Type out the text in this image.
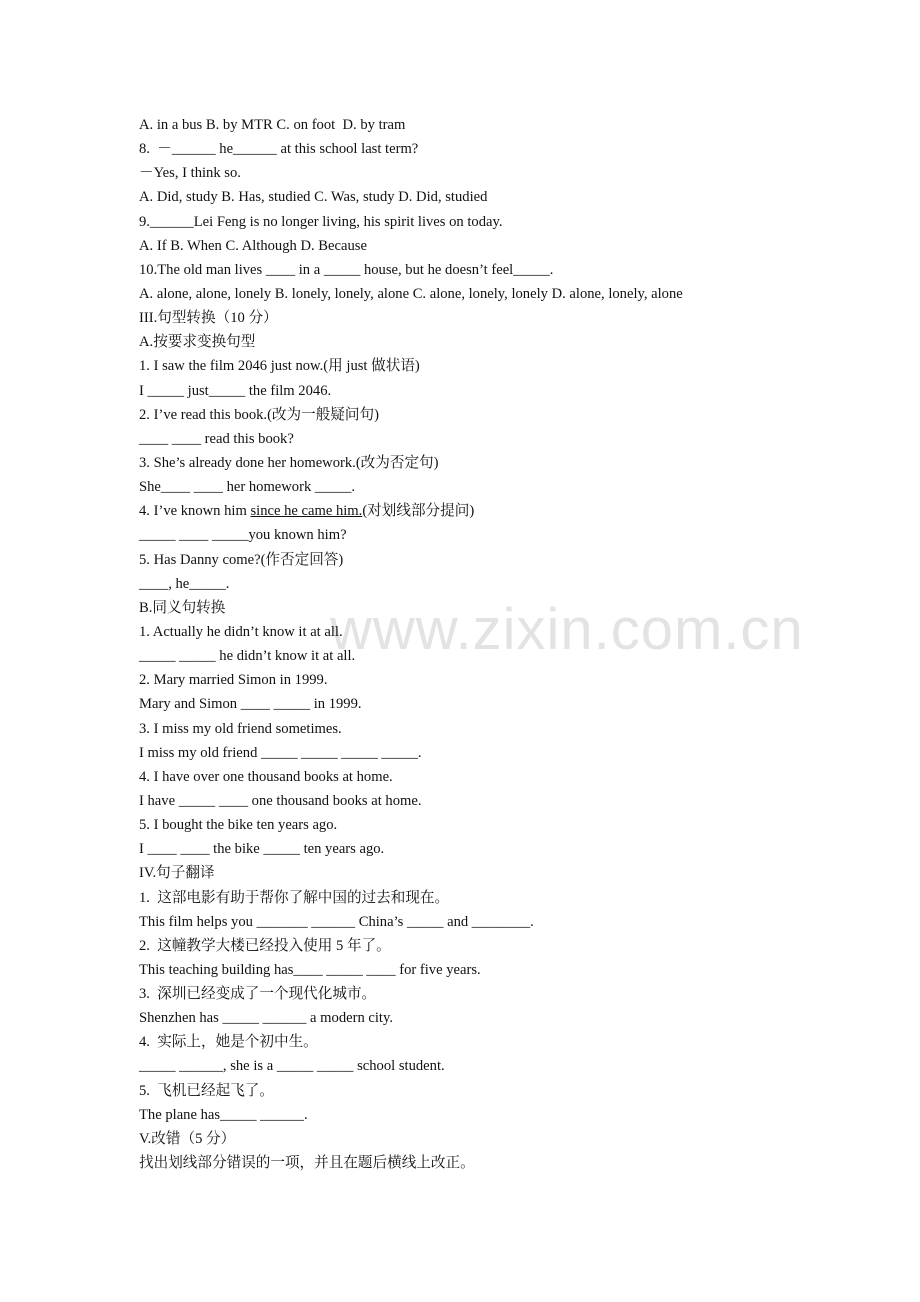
www.zixin.com.cn
A. in a bus B. by MTR C. on foot  D. by tram
8.  －______ he______ at this school last term?
－Yes, I think so.
A. Did, study B. Has, studied C. Was, study D. Did, studied
9.______Lei Feng is no longer living, his spirit lives on today.
A. If B. When C. Although D. Because
10.The old man lives ____ in a _____ house, but he doesn’t feel_____.
A. alone, alone, lonely B. lonely, lonely, alone C. alone, lonely, lonely D. alone, lonely, alone
III.句型转换（10 分）
A.按要求变换句型
1. I saw the film 2046 just now.(用 just 做状语)
I _____ just_____ the film 2046.
2. I’ve read this book.(改为一般疑问句)
____ ____ read this book?
3. She’s already done her homework.(改为否定句)
She____ ____ her homework _____.
4. I’ve known him since he came him.(对划线部分提问)
_____ ____ _____you known him?
5. Has Danny come?(作否定回答)
____, he_____.
B.同义句转换
1. Actually he didn’t know it at all.
_____ _____ he didn’t know it at all.
2. Mary married Simon in 1999.
Mary and Simon ____ _____ in 1999.
3. I miss my old friend sometimes.
I miss my old friend _____ _____ _____ _____.
4. I have over one thousand books at home.
I have _____ ____ one thousand books at home.
5. I bought the bike ten years ago.
I ____ ____ the bike _____ ten years ago.
IV.句子翻译
1.  这部电影有助于帮你了解中国的过去和现在。
This film helps you _______ ______ China’s _____ and ________.
2.  这幢教学大楼已经投入使用 5 年了。
This teaching building has____ _____ ____ for five years.
3.  深圳已经变成了一个现代化城市。
Shenzhen has _____ ______ a modern city.
4.  实际上，她是个初中生。
_____ ______, she is a _____ _____ school student.
5.  飞机已经起飞了。
The plane has_____ ______.
V.改错（5 分）
找出划线部分错误的一项，并且在题后横线上改正。
